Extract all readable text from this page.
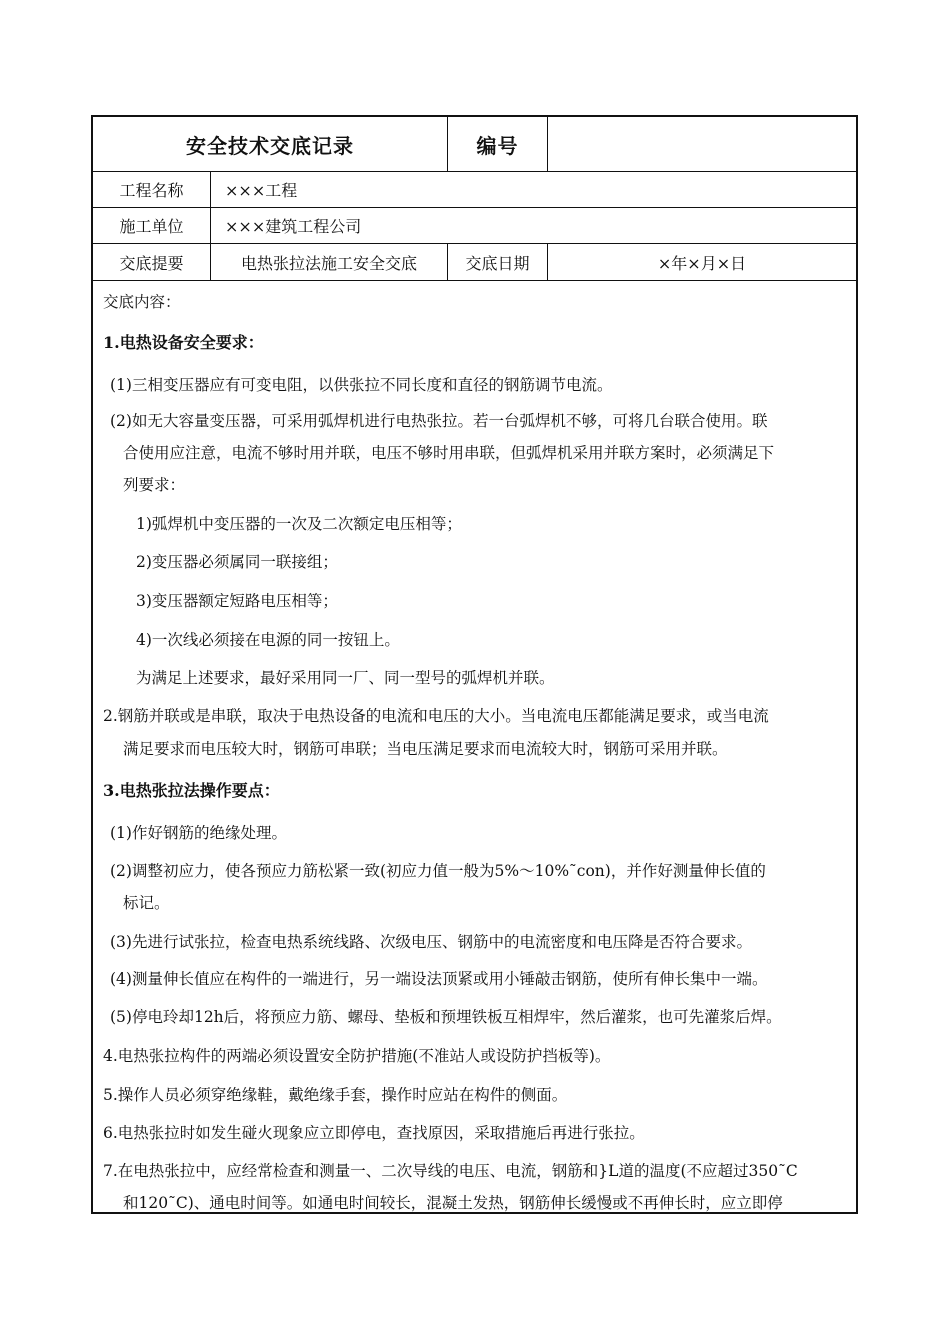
安全技术交底记录	编号
工程名称	×××工程
施工单位	×××建筑工程公司
交底提要	电热张拉法施工安全交底	交底日期	×年×月×日
交底内容：
1.电热设备安全要求：
(1)三相变压器应有可变电阻，以供张拉不同长度和直径的钢筋调节电流。
(2)如无大容量变压器，可采用弧焊机进行电热张拉。若一台弧焊机不够，可将几台联合使用。联
合使用应注意，电流不够时用并联，电压不够时用串联，但弧焊机采用并联方案时，必须满足下
列要求：
1)弧焊机中变压器的一次及二次额定电压相等；
2)变压器必须属同一联接组；
3)变压器额定短路电压相等；
4)一次线必须接在电源的同一按钮上。
为满足上述要求，最好采用同一厂、同一型号的弧焊机并联。
2.钢筋并联或是串联，取决于电热设备的电流和电压的大小。当电流电压都能满足要求，或当电流
满足要求而电压较大时，钢筋可串联；当电压满足要求而电流较大时，钢筋可采用并联。
3.电热张拉法操作要点：
(1)作好钢筋的绝缘处理。
(2)调整初应力，使各预应力筋松紧一致(初应力值一般为5%～10%˜con)，并作好测量伸长值的
标记。
(3)先进行试张拉，检查电热系统线路、次级电压、钢筋中的电流密度和电压降是否符合要求。
(4)测量伸长值应在构件的一端进行，另一端设法顶紧或用小锤敲击钢筋，使所有伸长集中一端。
(5)停电玲却12h后，将预应力筋、螺母、垫板和预埋铁板互相焊牢，然后灌浆，也可先灌浆后焊。
4.电热张拉构件的两端必须设置安全防护措施(不准站人或设防护挡板等)。
5.操作人员必须穿绝缘鞋，戴绝缘手套，操作时应站在构件的侧面。
6.电热张拉时如发生碰火现象应立即停电，查找原因，采取措施后再进行张拉。
7.在电热张拉中，应经常检查和测量一、二次导线的电压、电流，钢筋和}L道的温度(不应超过350˜C
和120˜C)、通电时间等。如通电时间较长，混凝土发热，钢筋伸长缓慢或不再伸长时，应立即停
